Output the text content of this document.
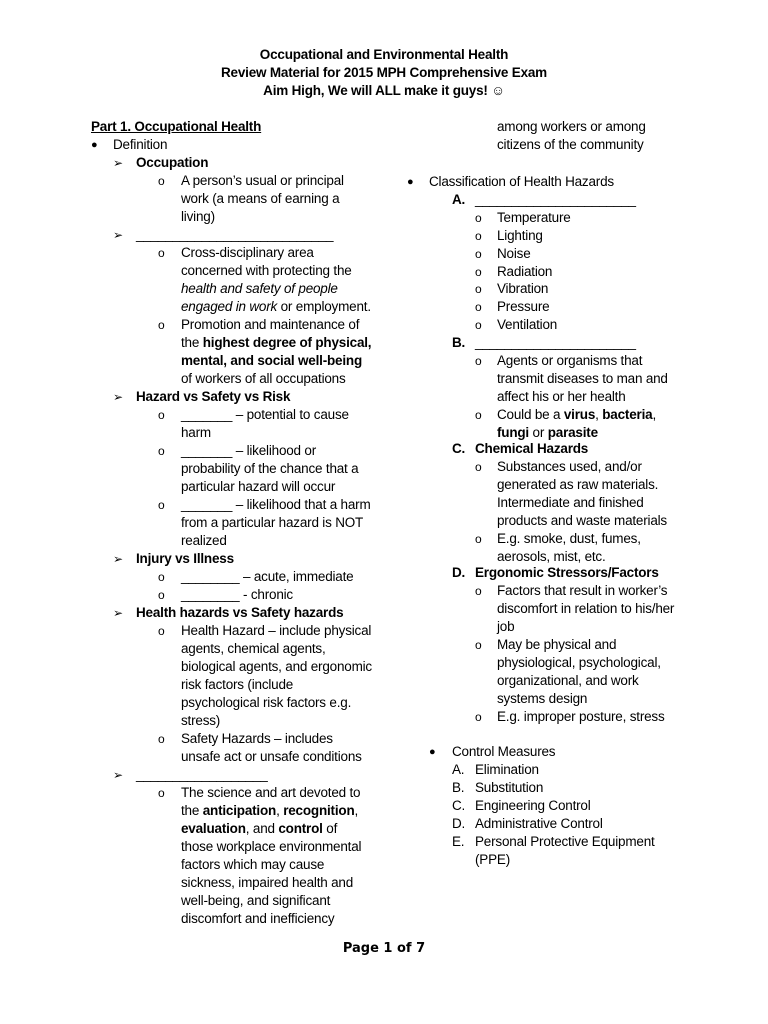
Occupational and Environmental Health
Review Material for 2015 MPH Comprehensive Exam
Aim High, We will ALL make it guys! ☺
Part 1. Occupational Health
● Definition
➢ Occupation
o A person’s usual or principal
work (a means of earning a
living)
➢ ___________________________
o Cross-disciplinary area
concerned with protecting the
health and safety of people
engaged in work or employment.
o Promotion and maintenance of
the highest degree of physical,
mental, and social well-being
of workers of all occupations
➢ Hazard vs Safety vs Risk
o _______ – potential to cause
harm
o _______ – likelihood or
probability of the chance that a
particular hazard will occur
o _______ – likelihood that a harm
from a particular hazard is NOT
realized
➢ Injury vs Illness
o ________ – acute, immediate
o ________ - chronic
➢ Health hazards vs Safety hazards
o Health Hazard – include physical
agents, chemical agents,
biological agents, and ergonomic
risk factors (include
psychological risk factors e.g.
stress)
o Safety Hazards – includes
unsafe act or unsafe conditions
➢ __________________
o The science and art devoted to
the anticipation, recognition,
evaluation, and control of
those workplace environmental
factors which may cause
sickness, impaired health and
well-being, and significant
discomfort and inefficiency
among workers or among
citizens of the community
● Classification of Health Hazards
A. ______________________
o Temperature
o Lighting
o Noise
o Radiation
o Vibration
o Pressure
o Ventilation
B. ______________________
o Agents or organisms that
transmit diseases to man and
affect his or her health
o Could be a virus, bacteria,
fungi or parasite
C. Chemical Hazards
o Substances used, and/or
generated as raw materials.
Intermediate and finished
products and waste materials
o E.g. smoke, dust, fumes,
aerosols, mist, etc.
D. Ergonomic Stressors/Factors
o Factors that result in worker’s
discomfort in relation to his/her
job
o May be physical and
physiological, psychological,
organizational, and work
systems design
o E.g. improper posture, stress
● Control Measures
A. Elimination
B. Substitution
C. Engineering Control
D. Administrative Control
E. Personal Protective Equipment
(PPE)
Page 1 of 7
